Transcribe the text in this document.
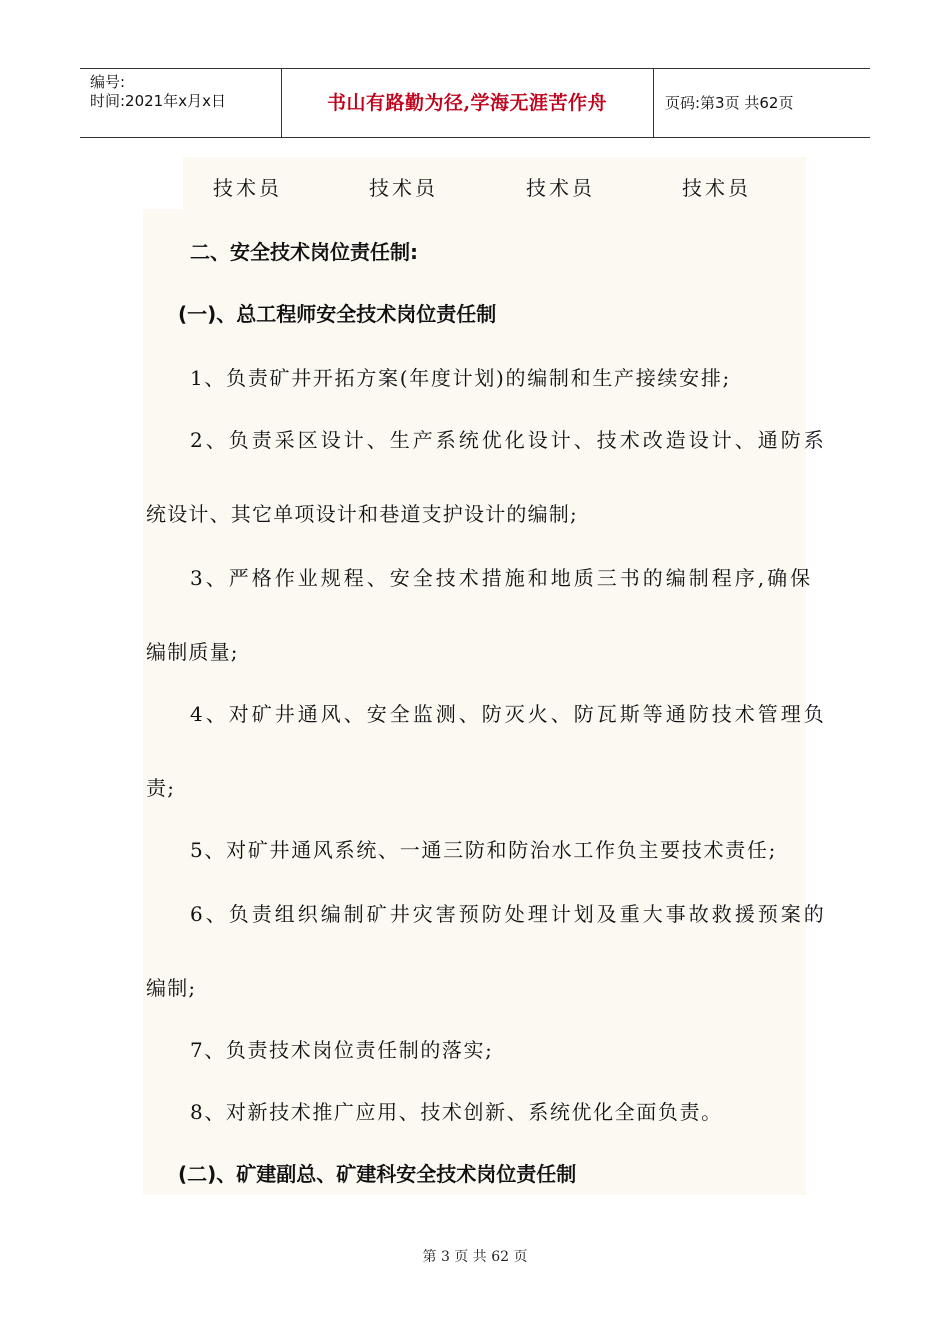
编号:
时间:2021年x月x日	书山有路勤为径,学海无涯苦作舟	页码:第3页 共62页
技术员	技术员	技术员	技术员
二、安全技术岗位责任制:
(一)、总工程师安全技术岗位责任制
1、负责矿井开拓方案(年度计划)的编制和生产接续安排;
2、负责采区设计、生产系统优化设计、技术改造设计、通防系
统设计、其它单项设计和巷道支护设计的编制;
3、严格作业规程、安全技术措施和地质三书的编制程序,确保
编制质量;
4、对矿井通风、安全监测、防灭火、防瓦斯等通防技术管理负
责;
5、对矿井通风系统、一通三防和防治水工作负主要技术责任;
6、负责组织编制矿井灾害预防处理计划及重大事故救援预案的
编制;
7、负责技术岗位责任制的落实;
8、对新技术推广应用、技术创新、系统优化全面负责。
(二)、矿建副总、矿建科安全技术岗位责任制
第 3 页 共 62 页
